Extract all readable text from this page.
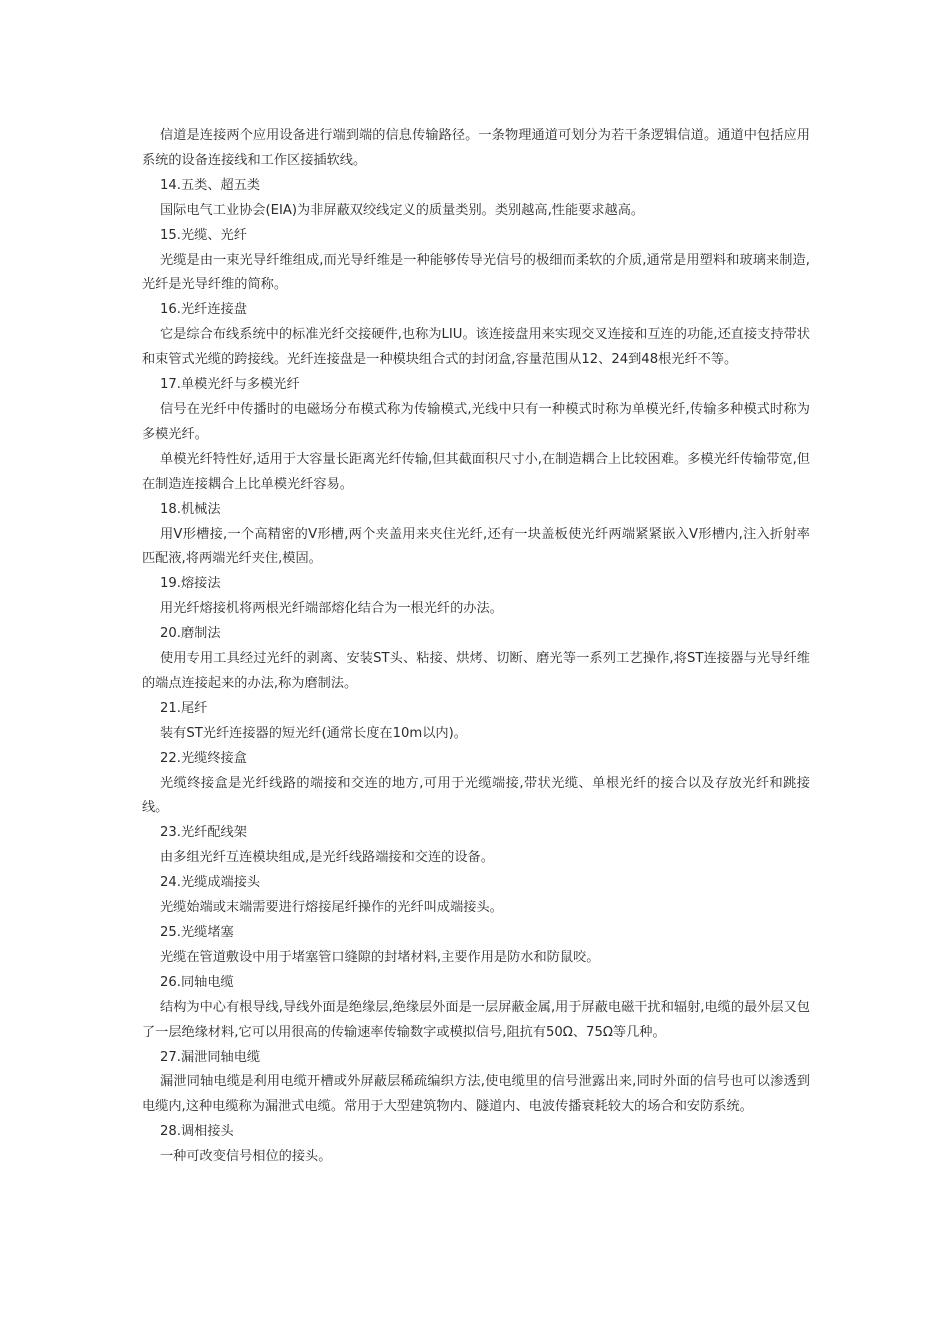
信道是连接两个应用设备进行端到端的信息传输路径。一条物理通道可划分为若干条逻辑信道。通道中包括应用系统的设备连接线和工作区接插软线。

14.五类、超五类

国际电气工业协会(EIA)为非屏蔽双绞线定义的质量类别。类别越高,性能要求越高。

15.光缆、光纤

光缆是由一束光导纤维组成,而光导纤维是一种能够传导光信号的极细而柔软的介质,通常是用塑料和玻璃来制造,光纤是光导纤维的简称。

16.光纤连接盘

它是综合布线系统中的标准光纤交接硬件,也称为LIU。该连接盘用来实现交叉连接和互连的功能,还直接支持带状和束管式光缆的跨接线。光纤连接盘是一种模块组合式的封闭盒,容量范围从12、24到48根光纤不等。

17.单模光纤与多模光纤

信号在光纤中传播时的电磁场分布模式称为传输模式,光线中只有一种模式时称为单模光纤,传输多种模式时称为多模光纤。

单模光纤特性好,适用于大容量长距离光纤传输,但其截面积尺寸小,在制造耦合上比较困难。多模光纤传输带宽,但在制造连接耦合上比单模光纤容易。

18.机械法

用V形槽接,一个高精密的V形槽,两个夹盖用来夹住光纤,还有一块盖板使光纤两端紧紧嵌入V形槽内,注入折射率匹配液,将两端光纤夹住,模固。

19.熔接法

用光纤熔接机将两根光纤端部熔化结合为一根光纤的办法。

20.磨制法

使用专用工具经过光纤的剥离、安装ST头、粘接、烘烤、切断、磨光等一系列工艺操作,将ST连接器与光导纤维的端点连接起来的办法,称为磨制法。

21.尾纤

装有ST光纤连接器的短光纤(通常长度在10m以内)。

22.光缆终接盒

光缆终接盒是光纤线路的端接和交连的地方,可用于光缆端接,带状光缆、单根光纤的接合以及存放光纤和跳接线。

23.光纤配线架

由多组光纤互连模块组成,是光纤线路端接和交连的设备。

24.光缆成端接头

光缆始端或末端需要进行熔接尾纤操作的光纤叫成端接头。

25.光缆堵塞

光缆在管道敷设中用于堵塞管口缝隙的封堵材料,主要作用是防水和防鼠咬。

26.同轴电缆

结构为中心有根导线,导线外面是绝缘层,绝缘层外面是一层屏蔽金属,用于屏蔽电磁干扰和辐射,电缆的最外层又包了一层绝缘材料,它可以用很高的传输速率传输数字或模拟信号,阻抗有50Ω、75Ω等几种。

27.漏泄同轴电缆

漏泄同轴电缆是利用电缆开槽或外屏蔽层稀疏编织方法,使电缆里的信号泄露出来,同时外面的信号也可以渗透到电缆内,这种电缆称为漏泄式电缆。常用于大型建筑物内、隧道内、电波传播衰耗较大的场合和安防系统。

28.调相接头

一种可改变信号相位的接头。
